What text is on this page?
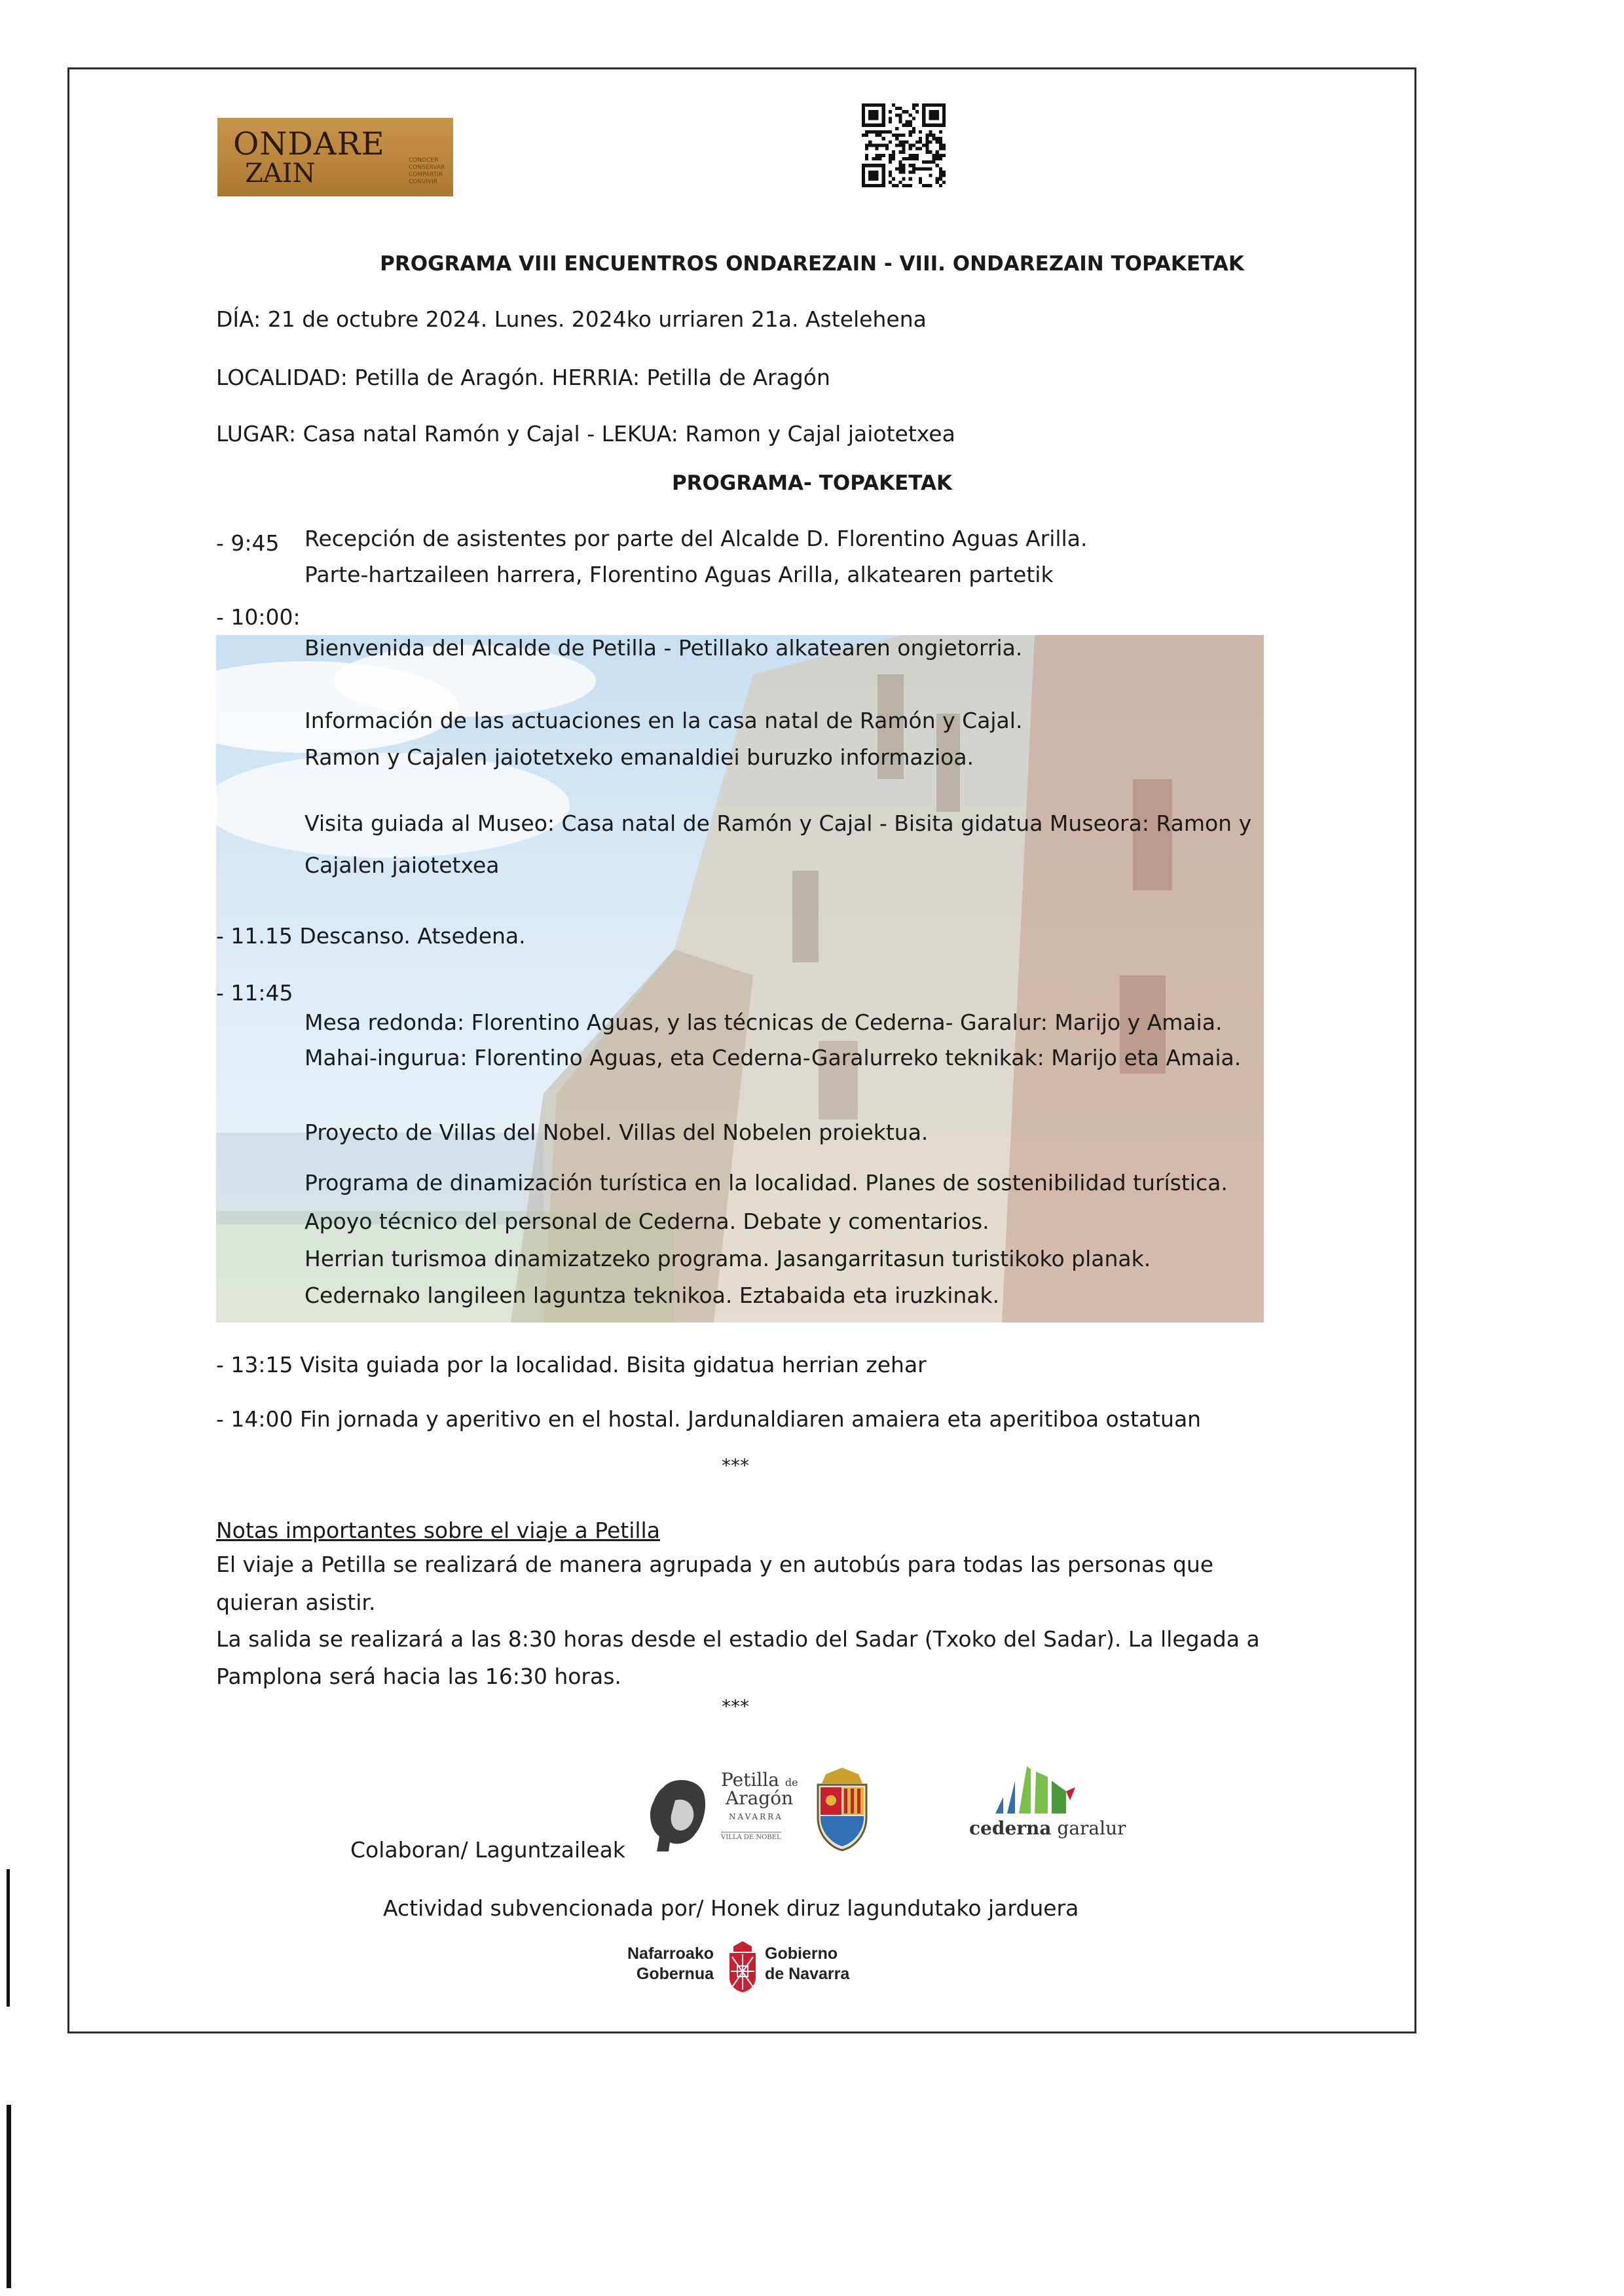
ONDARE
ZAIN	CONOCER
CONSERVAR
COMPARTIR
CONVIVIR
PROGRAMA VIII ENCUENTROS ONDAREZAIN - VIII. ONDAREZAIN TOPAKETAK
DÍA: 21 de octubre 2024. Lunes. 2024ko urriaren 21a. Astelehena
LOCALIDAD: Petilla de Aragón. HERRIA: Petilla de Aragón
LUGAR: Casa natal Ramón y Cajal - LEKUA: Ramon y Cajal jaiotetxea
PROGRAMA- TOPAKETAK
- 9:45 Recepción de asistentes por parte del Alcalde D. Florentino Aguas Arilla.
Parte-hartzaileen harrera, Florentino Aguas Arilla, alkatearen partetik
- 10:00:
Bienvenida del Alcalde de Petilla - Petillako alkatearen ongietorria.
Información de las actuaciones en la casa natal de Ramón y Cajal.
Ramon y Cajalen jaiotetxeko emanaldiei buruzko informazioa.
Visita guiada al Museo: Casa natal de Ramón y Cajal - Bisita gidatua Museora: Ramon y
Cajalen jaiotetxea
- 11.15 Descanso. Atsedena.
- 11:45
Mesa redonda: Florentino Aguas, y las técnicas de Cederna- Garalur: Marijo y Amaia.
Mahai-ingurua: Florentino Aguas, eta Cederna-Garalurreko teknikak: Marijo eta Amaia.
Proyecto de Villas del Nobel. Villas del Nobelen proiektua.
Programa de dinamización turística en la localidad. Planes de sostenibilidad turística.
Apoyo técnico del personal de Cederna. Debate y comentarios.
Herrian turismoa dinamizatzeko programa. Jasangarritasun turistikoko planak.
Cedernako langileen laguntza teknikoa. Eztabaida eta iruzkinak.
- 13:15 Visita guiada por la localidad. Bisita gidatua herrian zehar
- 14:00 Fin jornada y aperitivo en el hostal. Jardunaldiaren amaiera eta aperitiboa ostatuan
***
Notas importantes sobre el viaje a Petilla
El viaje a Petilla se realizará de manera agrupada y en autobús para todas las personas que
quieran asistir.
La salida se realizará a las 8:30 horas desde el estadio del Sadar (Txoko del Sadar). La llegada a
Pamplona será hacia las 16:30 horas.
***
Colaboran/ Laguntzaileak
Petilla de
Aragón
NAVARRA
VILLA DE NOBEL	cederna garalur
Actividad subvencionada por/ Honek diruz lagundutako jarduera
Nafarroako
Gobernua
Gobierno
de Navarra
